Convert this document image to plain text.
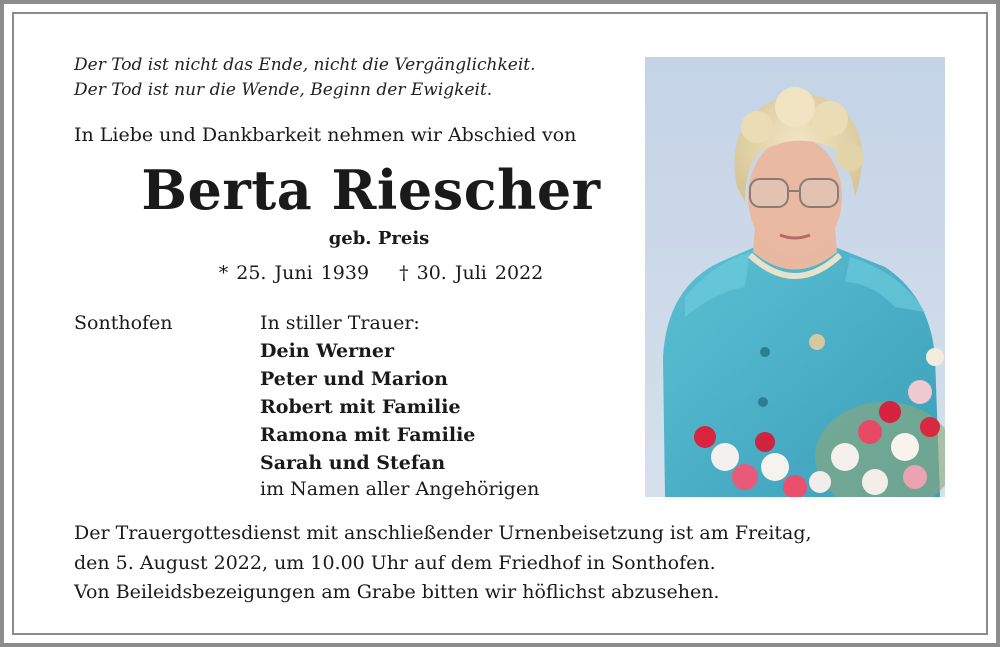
Der Tod ist nicht das Ende, nicht die Vergänglichkeit.
Der Tod ist nur die Wende, Beginn der Ewigkeit.
In Liebe und Dankbarkeit nehmen wir Abschied von
Berta Riescher
geb. Preis
* 25. Juni 1939 † 30. Juli 2022
Sonthofen	In stiller Trauer:
Dein Werner
Peter und Marion
Robert mit Familie
Ramona mit Familie
Sarah und Stefan
im Namen aller Angehörigen
Der Trauergottesdienst mit anschließender Urnenbeisetzung ist am Freitag,
den 5. August 2022, um 10.00 Uhr auf dem Friedhof in Sonthofen.
Von Beileidsbezeigungen am Grabe bitten wir höflichst abzusehen.
